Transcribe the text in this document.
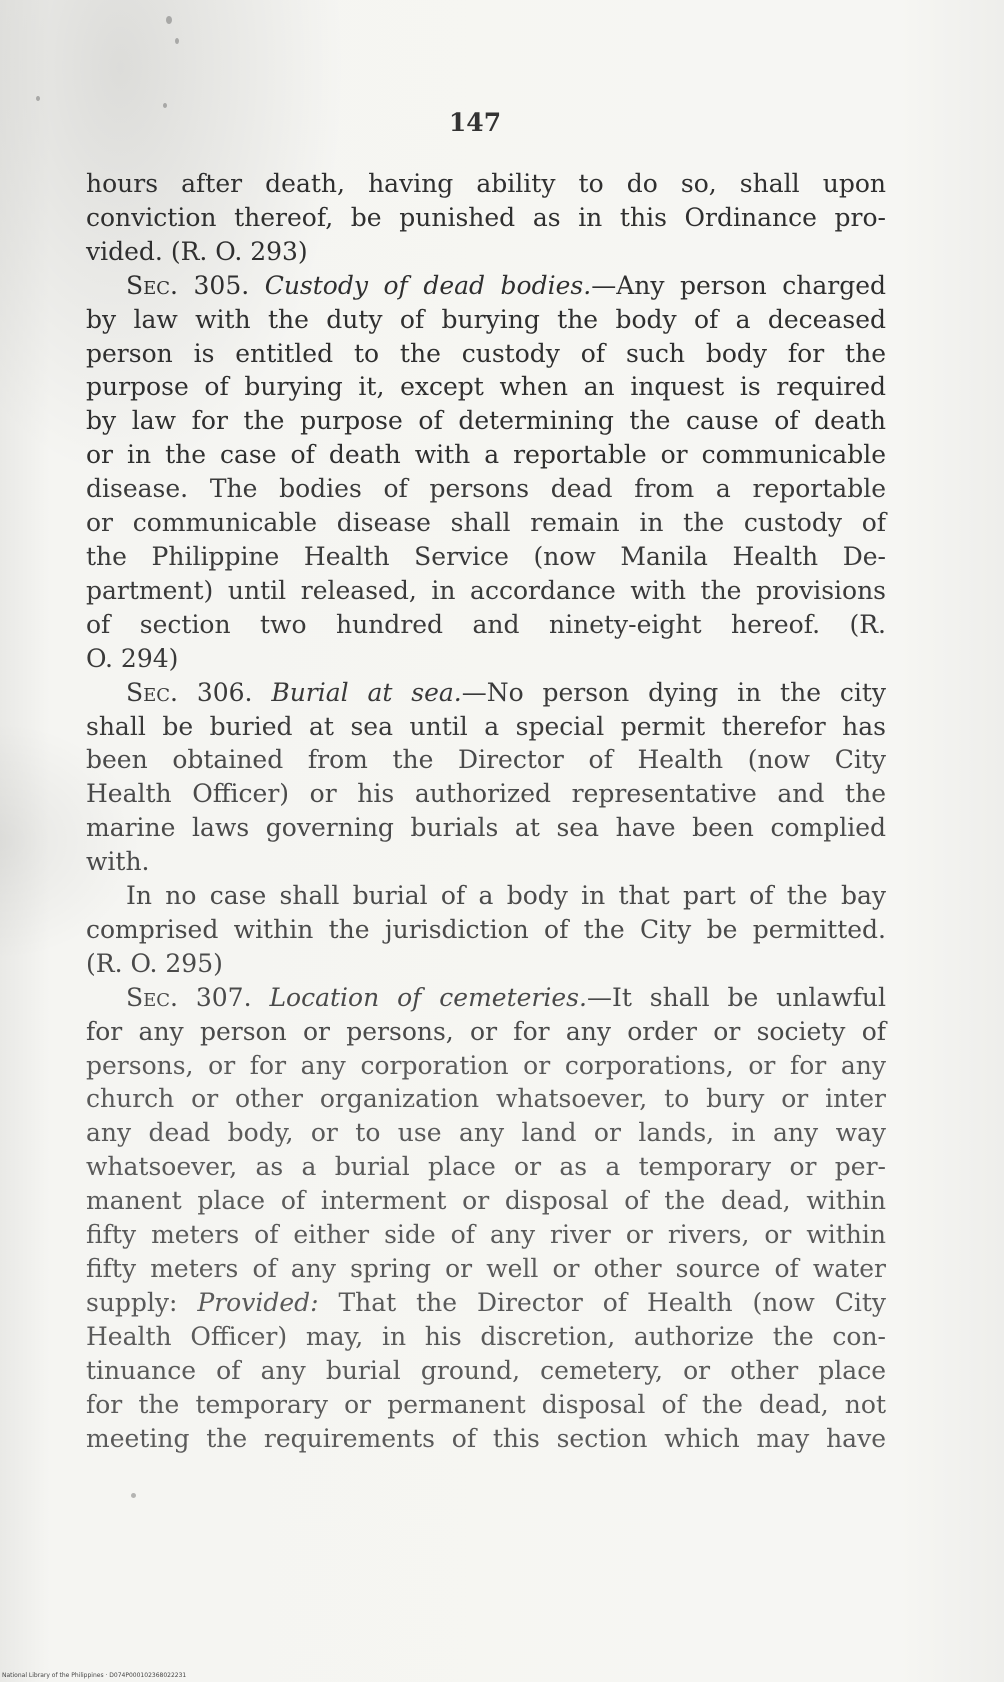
147

hours after death, having ability to do so, shall upon
conviction thereof, be punished as in this Ordinance pro-
vided. (R. O. 293)

Sec. 305. Custody of dead bodies.—Any person charged
by law with the duty of burying the body of a deceased
person is entitled to the custody of such body for the
purpose of burying it, except when an inquest is required
by law for the purpose of determining the cause of death
or in the case of death with a reportable or communicable
disease. The bodies of persons dead from a reportable
or communicable disease shall remain in the custody of
the Philippine Health Service (now Manila Health De-
partment) until released, in accordance with the provisions
of section two hundred and ninety-eight hereof. (R.
O. 294)

Sec. 306. Burial at sea.—No person dying in the city
shall be buried at sea until a special permit therefor has
been obtained from the Director of Health (now City
Health Officer) or his authorized representative and the
marine laws governing burials at sea have been complied
with.

In no case shall burial of a body in that part of the bay
comprised within the jurisdiction of the City be permitted.
(R. O. 295)

Sec. 307. Location of cemeteries.—It shall be unlawful
for any person or persons, or for any order or society of
persons, or for any corporation or corporations, or for any
church or other organization whatsoever, to bury or inter
any dead body, or to use any land or lands, in any way
whatsoever, as a burial place or as a temporary or per-
manent place of interment or disposal of the dead, within
fifty meters of either side of any river or rivers, or within
fifty meters of any spring or well or other source of water
supply: Provided: That the Director of Health (now City
Health Officer) may, in his discretion, authorize the con-
tinuance of any burial ground, cemetery, or other place
for the temporary or permanent disposal of the dead, not
meeting the requirements of this section which may have

National Library of the Philippines · D074P000102368022231
